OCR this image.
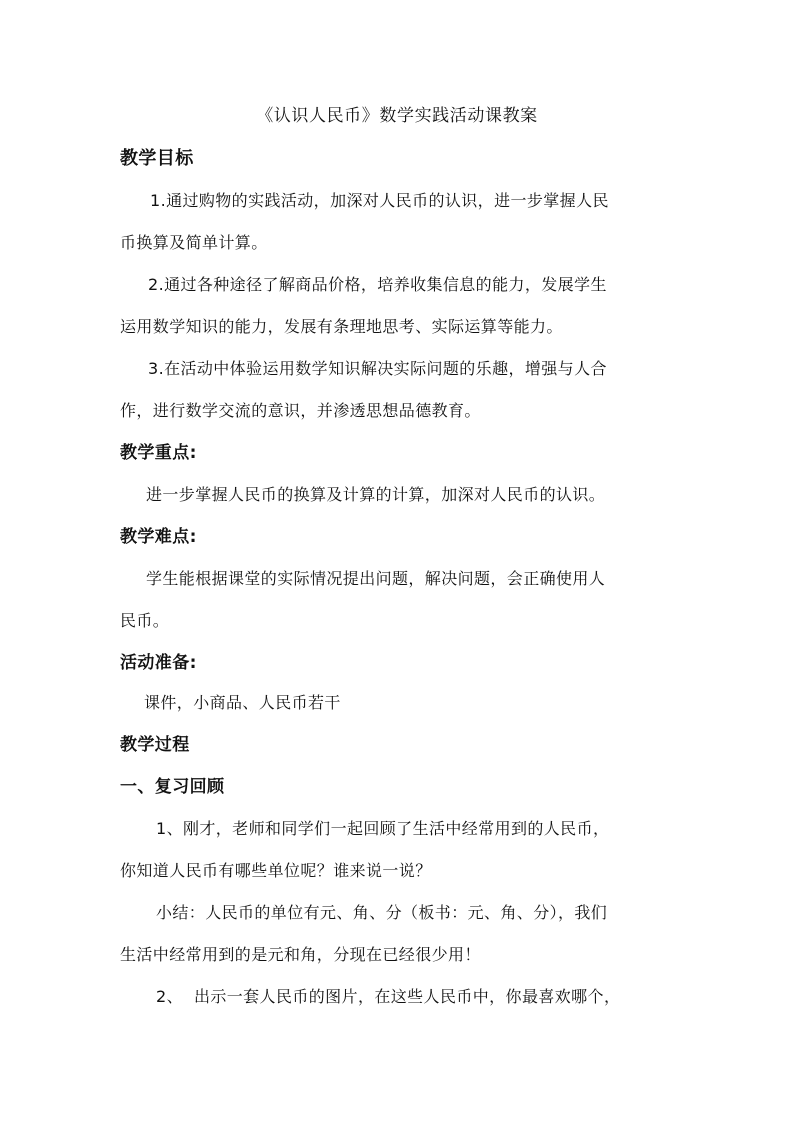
《认识人民币》数学实践活动课教案
教学目标
1.通过购物的实践活动，加深对人民币的认识，进一步掌握人民
币换算及简单计算。
2.通过各种途径了解商品价格，培养收集信息的能力，发展学生
运用数学知识的能力，发展有条理地思考、实际运算等能力。
3.在活动中体验运用数学知识解决实际问题的乐趣，增强与人合
作，进行数学交流的意识，并渗透思想品德教育。
教学重点:
进一步掌握人民币的换算及计算的计算，加深对人民币的认识。
教学难点:
学生能根据课堂的实际情况提出问题，解决问题，会正确使用人
民币。
活动准备:
课件，小商品、人民币若干
教学过程
一、复习回顾
1、刚才，老师和同学们一起回顾了生活中经常用到的人民币，
你知道人民币有哪些单位呢？谁来说一说？
小结：人民币的单位有元、角、分（板书：元、角、分），我们
生活中经常用到的是元和角，分现在已经很少用！
2、  出示一套人民币的图片，在这些人民币中，你最喜欢哪个，
